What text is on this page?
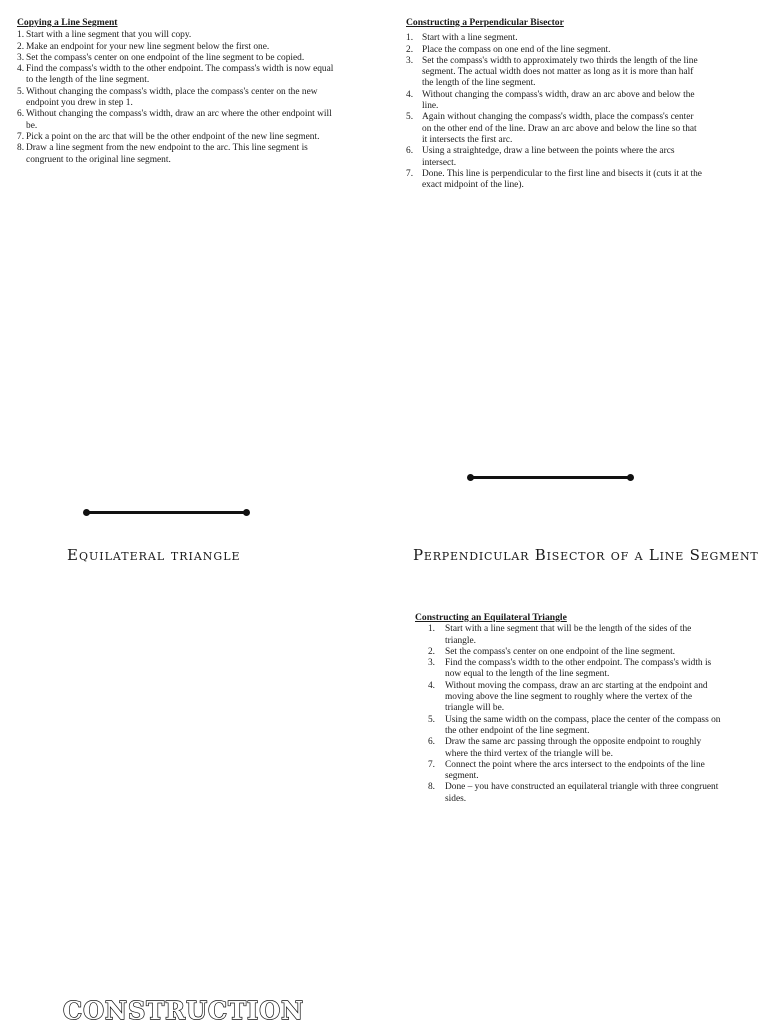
Copying a Line Segment
1. Start with a line segment that you will copy.
2. Make an endpoint for your new line segment below the first one.
3. Set the compass's center on one endpoint of the line segment to be copied.
4. Find the compass's width to the other endpoint. The compass's width is now equal to the length of the line segment.
5. Without changing the compass's width, place the compass's center on the new endpoint you drew in step 1.
6. Without changing the compass's width, draw an arc where the other endpoint will be.
7. Pick a point on the arc that will be the other endpoint of the new line segment.
8. Draw a line segment from the new endpoint to the arc. This line segment is congruent to the original line segment.
Constructing a Perpendicular Bisector
1. Start with a line segment.
2. Place the compass on one end of the line segment.
3. Set the compass's width to approximately two thirds the length of the line segment. The actual width does not matter as long as it is more than half the length of the line segment.
4. Without changing the compass's width, draw an arc above and below the line.
5. Again without changing the compass's width, place the compass's center on the other end of the line. Draw an arc above and below the line so that it intersects the first arc.
6. Using a straightedge, draw a line between the points where the arcs intersect.
7. Done. This line is perpendicular to the first line and bisects it (cuts it at the exact midpoint of the line).
Equilateral triangle	Perpendicular Bisector of a Line Segment
Constructing an Equilateral Triangle
1.	Start with a line segment that will be the length of the sides of the triangle.
2.	Set the compass's center on one endpoint of the line segment.
3.	Find the compass's width to the other endpoint. The compass's width is now equal to the length of the line segment.
4.	Without moving the compass, draw an arc starting at the endpoint and moving above the line segment to roughly where the vertex of the triangle will be.
5.	Using the same width on the compass, place the center of the compass on the other endpoint of the line segment.
6.	Draw the same arc passing through the opposite endpoint to roughly where the third vertex of the triangle will be.
7.	Connect the point where the arcs intersect to the endpoints of the line segment.
8.	Done – you have constructed an equilateral triangle with three congruent sides.
CONSTRUCTION
